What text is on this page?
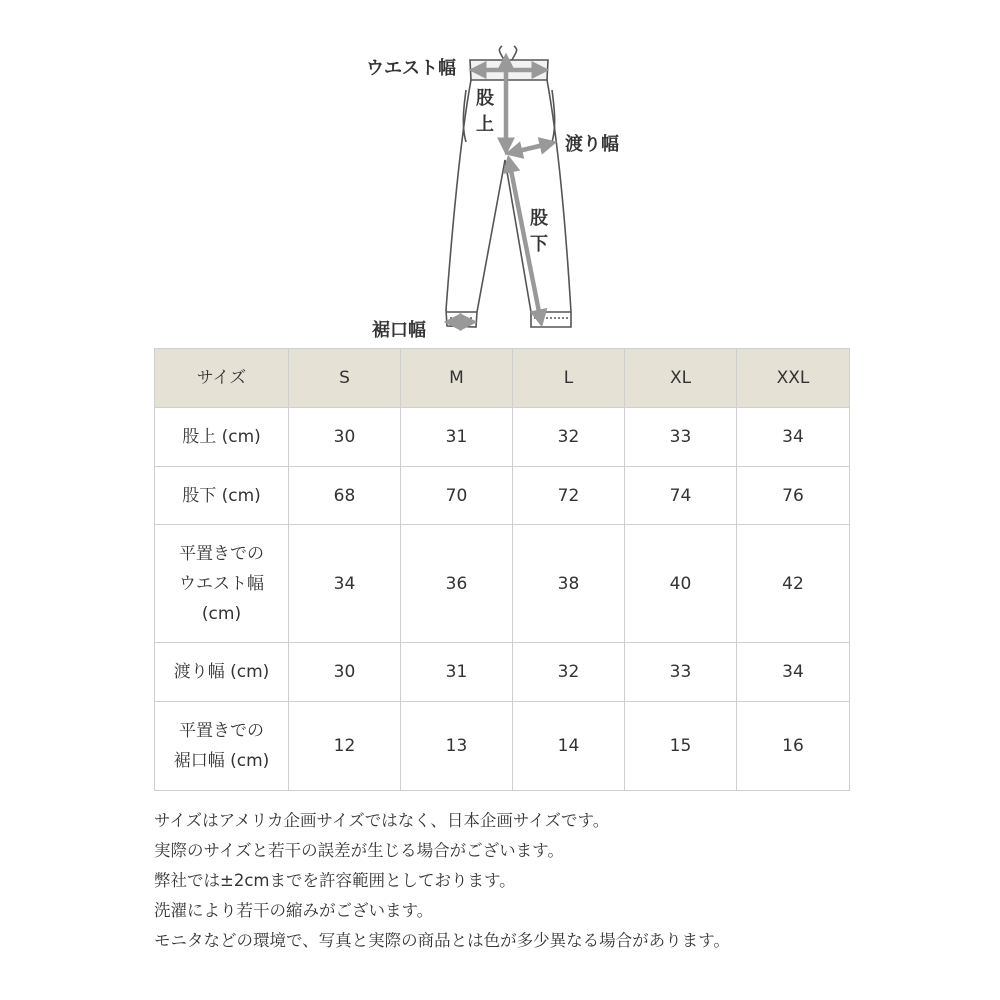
ウエスト幅
股
上
渡り幅
股
下
裾口幅
サイズ	S	M	L	XL	XXL
股上 (cm)	30	31	32	33	34
股下 (cm)	68	70	72	74	76
平置きでの
ウエスト幅
(cm)	34	36	38	40	42
渡り幅 (cm)	30	31	32	33	34
平置きでの
裾口幅 (cm)	12	13	14	15	16
サイズはアメリカ企画サイズではなく、日本企画サイズです。
実際のサイズと若干の誤差が生じる場合がございます。
弊社では±2cmまでを許容範囲としております。
洗濯により若干の縮みがございます。
モニタなどの環境で、写真と実際の商品とは色が多少異なる場合があります。
